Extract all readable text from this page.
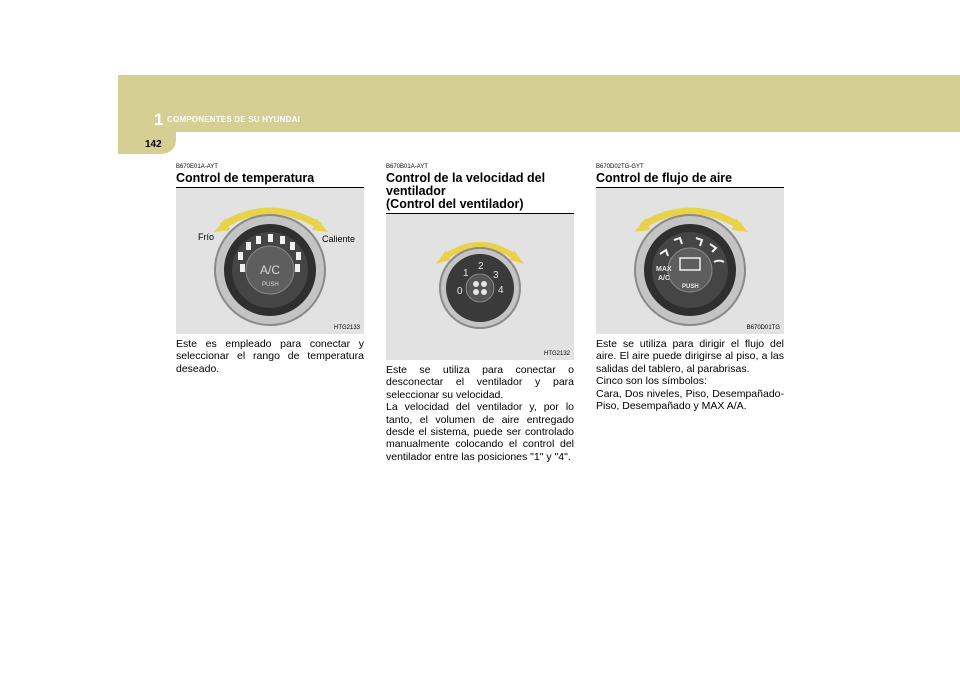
1 COMPONENTES DE SU HYUNDAI
142
B670E01A-AYT
Control de temperatura
Frío	Caliente
A/C
PUSH
HTG2133

Este es empleado para conectar y seleccionar el rango de temperatura deseado.

B670B01A-AYT
Control de la velocidad del
ventilador
(Control del ventilador)
0
1
2
3
4
HTG2132

Este se utiliza para conectar o desconectar el ventilador y para seleccionar su velocidad.
La velocidad del ventilador y, por lo tanto, el volumen de aire entregado desde el sistema, puede ser controlado manualmente colocando el control del ventilador entre las posiciones "1" y "4".

B670D02TG-GYT
Control de flujo de aire
MAX
A/C
PUSH
B670D01TG

Este se utiliza para dirigir el flujo del aire. El aire puede dirigirse al piso, a las salidas del tablero, al parabrisas.
Cinco son los símbolos:
Cara, Dos niveles, Piso, Desempañado-Piso, Desempañado y MAX A/A.
